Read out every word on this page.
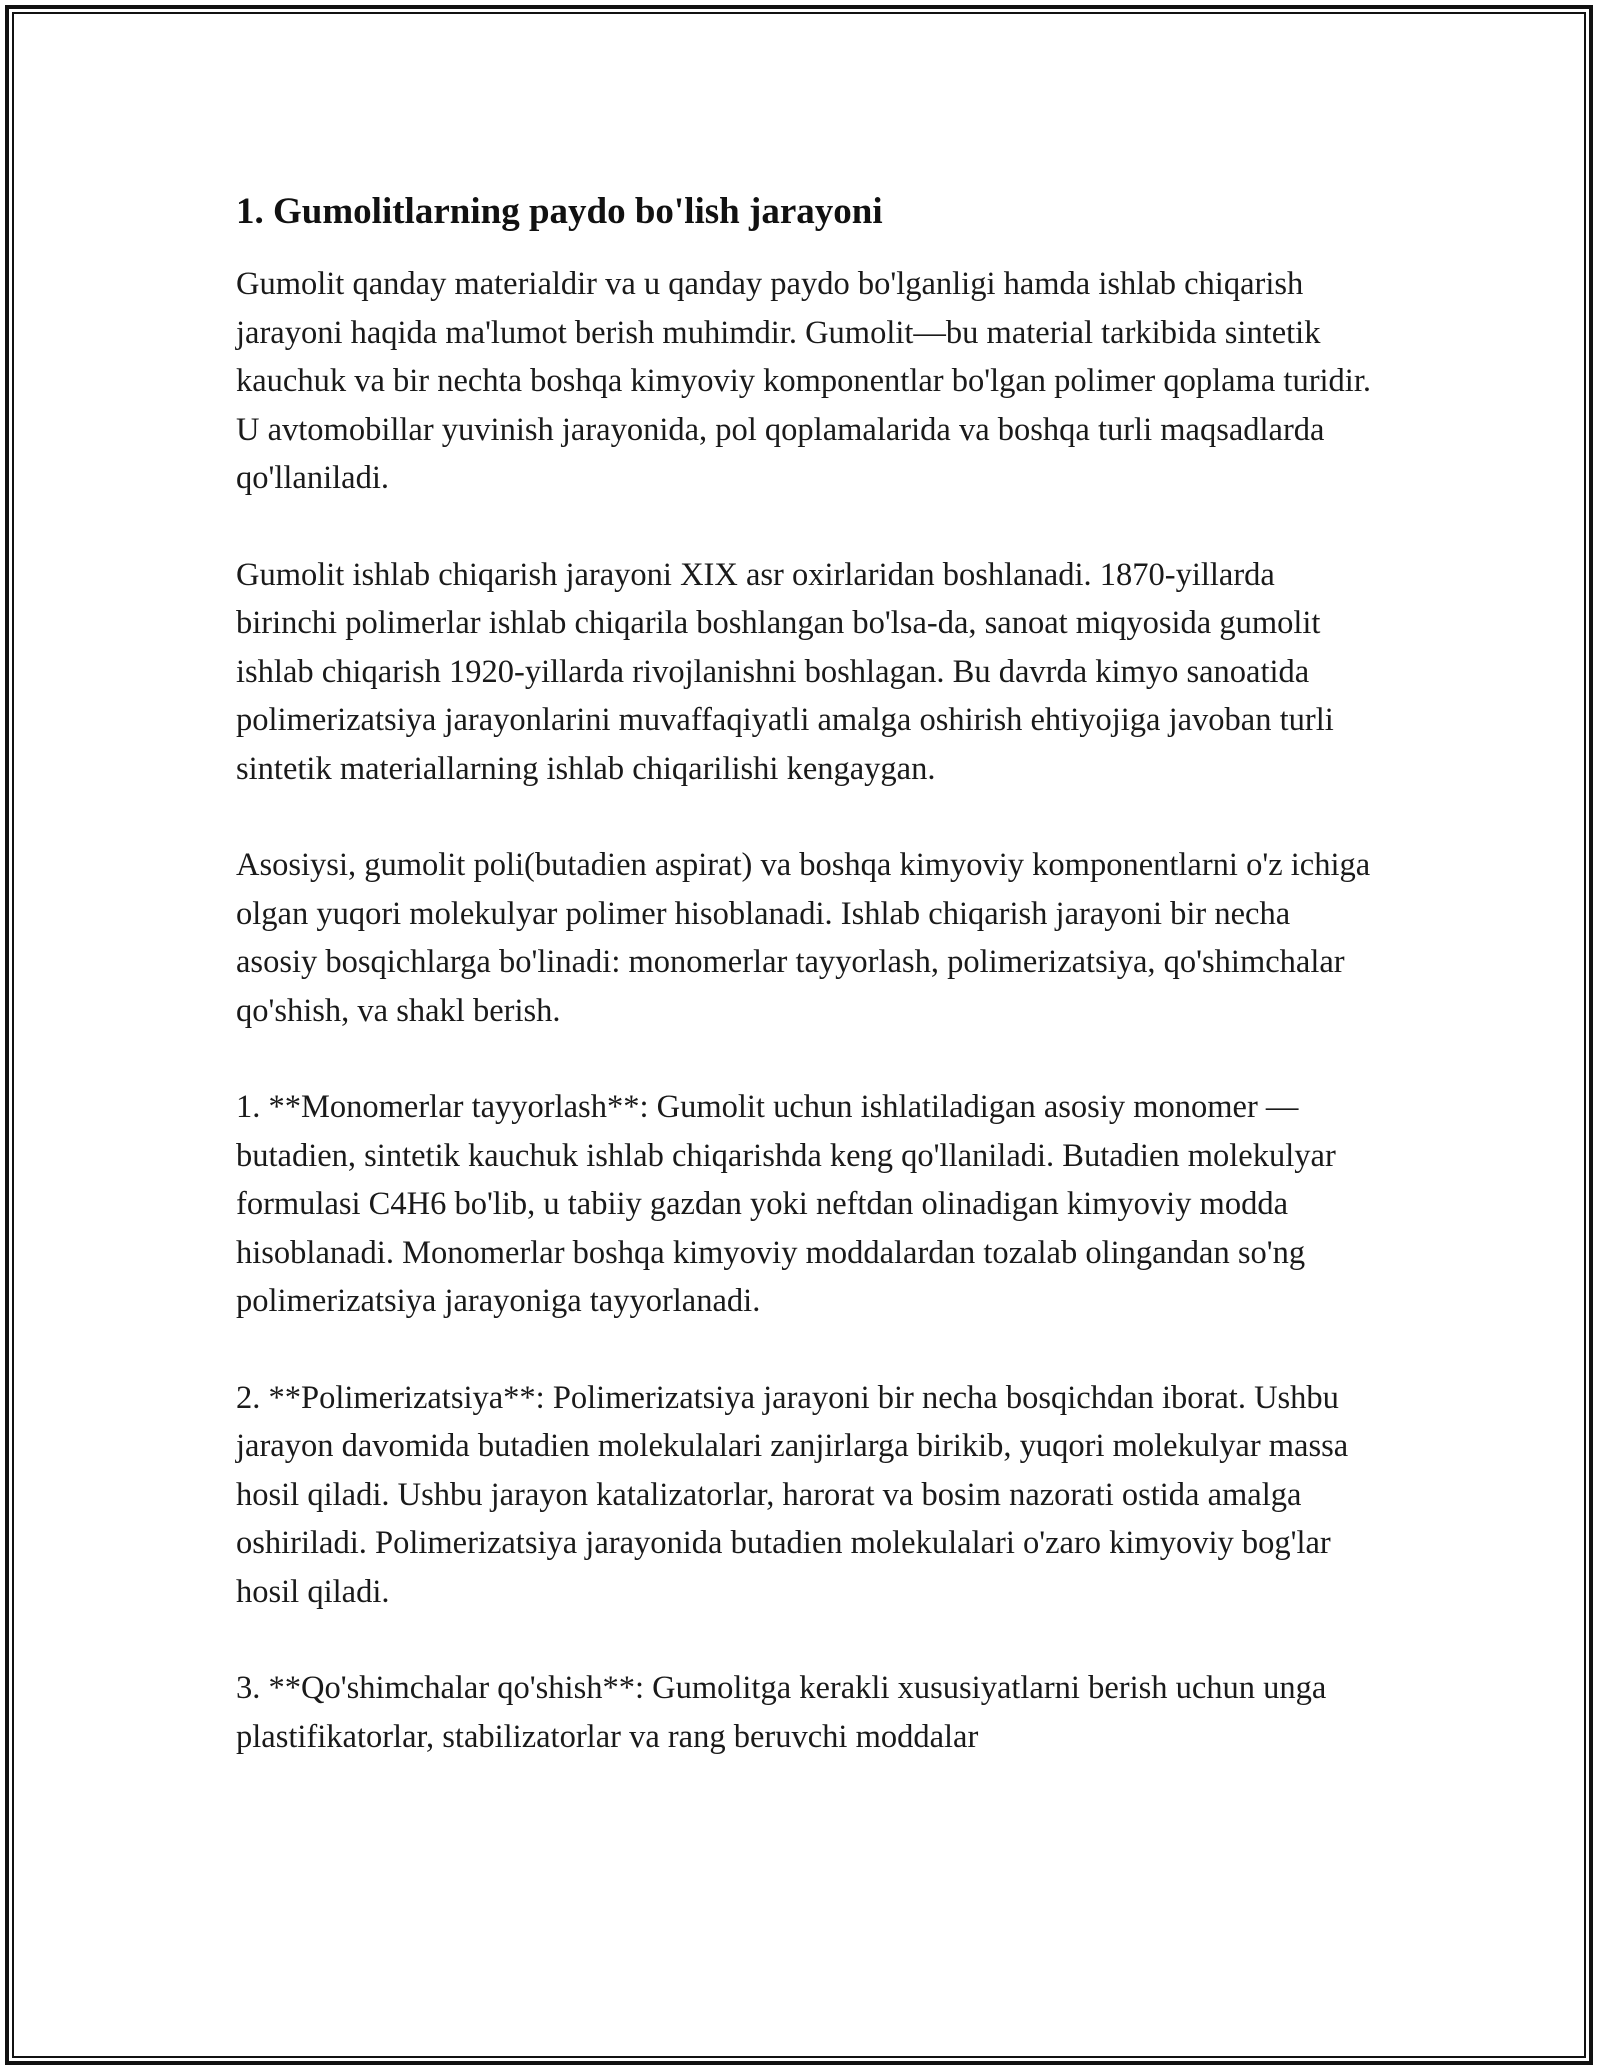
1. Gumolitlarning paydo bo'lish jarayoni

Gumolit qanday materialdir va u qanday paydo bo'lganligi hamda ishlab chiqarish jarayoni haqida ma'lumot berish muhimdir. Gumolit—bu material tarkibida sintetik kauchuk va bir nechta boshqa kimyoviy komponentlar bo'lgan polimer qoplama turidir. U avtomobillar yuvinish jarayonida, pol qoplamalarida va boshqa turli maqsadlarda qo'llaniladi.

Gumolit ishlab chiqarish jarayoni XIX asr oxirlaridan boshlanadi. 1870-yillarda birinchi polimerlar ishlab chiqarila boshlangan bo'lsa-da, sanoat miqyosida gumolit ishlab chiqarish 1920-yillarda rivojlanishni boshlagan. Bu davrda kimyo sanoatida polimerizatsiya jarayonlarini muvaffaqiyatli amalga oshirish ehtiyojiga javoban turli sintetik materiallarning ishlab chiqarilishi kengaygan.

Asosiysi, gumolit poli(butadien aspirat) va boshqa kimyoviy komponentlarni o'z ichiga olgan yuqori molekulyar polimer hisoblanadi. Ishlab chiqarish jarayoni bir necha asosiy bosqichlarga bo'linadi: monomerlar tayyorlash, polimerizatsiya, qo'shimchalar qo'shish, va shakl berish.

1. **Monomerlar tayyorlash**: Gumolit uchun ishlatiladigan asosiy monomer — butadien, sintetik kauchuk ishlab chiqarishda keng qo'llaniladi. Butadien molekulyar formulasi C4H6 bo'lib, u tabiiy gazdan yoki neftdan olinadigan kimyoviy modda hisoblanadi. Monomerlar boshqa kimyoviy moddalardan tozalab olingandan so'ng polimerizatsiya jarayoniga tayyorlanadi.

2. **Polimerizatsiya**: Polimerizatsiya jarayoni bir necha bosqichdan iborat. Ushbu jarayon davomida butadien molekulalari zanjirlarga birikib, yuqori molekulyar massa hosil qiladi. Ushbu jarayon katalizatorlar, harorat va bosim nazorati ostida amalga oshiriladi. Polimerizatsiya jarayonida butadien molekulalari o'zaro kimyoviy bog'lar hosil qiladi.

3. **Qo'shimchalar qo'shish**: Gumolitga kerakli xususiyatlarni berish uchun unga plastifikatorlar, stabilizatorlar va rang beruvchi moddalar
